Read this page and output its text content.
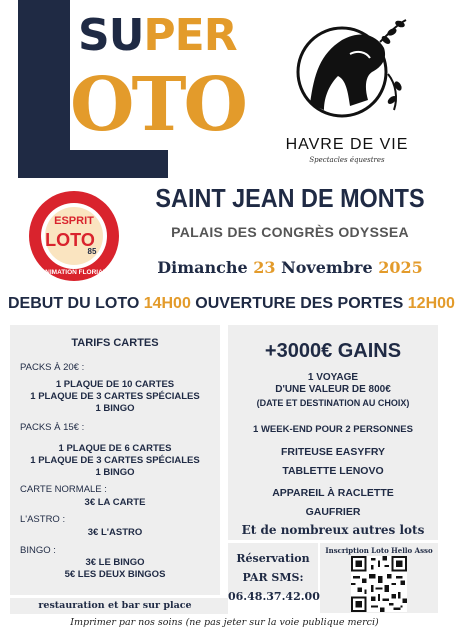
SUPER
OTO	HAVRE DE VIE
Spectacles équestres
ESPRIT
LOTO
85
ANIMATION FLORIAN
SAINT JEAN DE MONTS
PALAIS DES CONGRÈS ODYSSEA
Dimanche 23 Novembre 2025
DEBUT DU LOTO 14H00 OUVERTURE DES PORTES 12H00
TARIFS CARTES
PACKS À 20€ :
1 PLAQUE DE 10 CARTES
1 PLAQUE DE 3 CARTES SPÉCIALES
1 BINGO
PACKS À 15€ :
1 PLAQUE DE 6 CARTES
1 PLAQUE DE 3 CARTES SPÉCIALES
1 BINGO
CARTE NORMALE :
3€ LA CARTE
L'ASTRO :
3€ L'ASTRO
BINGO :
3€ LE BINGO
5€ LES DEUX BINGOS
+3000€ GAINS
1 VOYAGE
D'UNE VALEUR DE 800€
(DATE ET DESTINATION AU CHOIX)
1 WEEK-END POUR 2 PERSONNES
FRITEUSE EASYFRY
TABLETTE LENOVO
APPAREIL À RACLETTE
GAUFRIER
Et de nombreux autres lots
Réservation
PAR SMS:
06.48.37.42.00
Inscription Loto Hello Asso
restauration et bar sur place
Imprimer par nos soins (ne pas jeter sur la voie publique merci)
